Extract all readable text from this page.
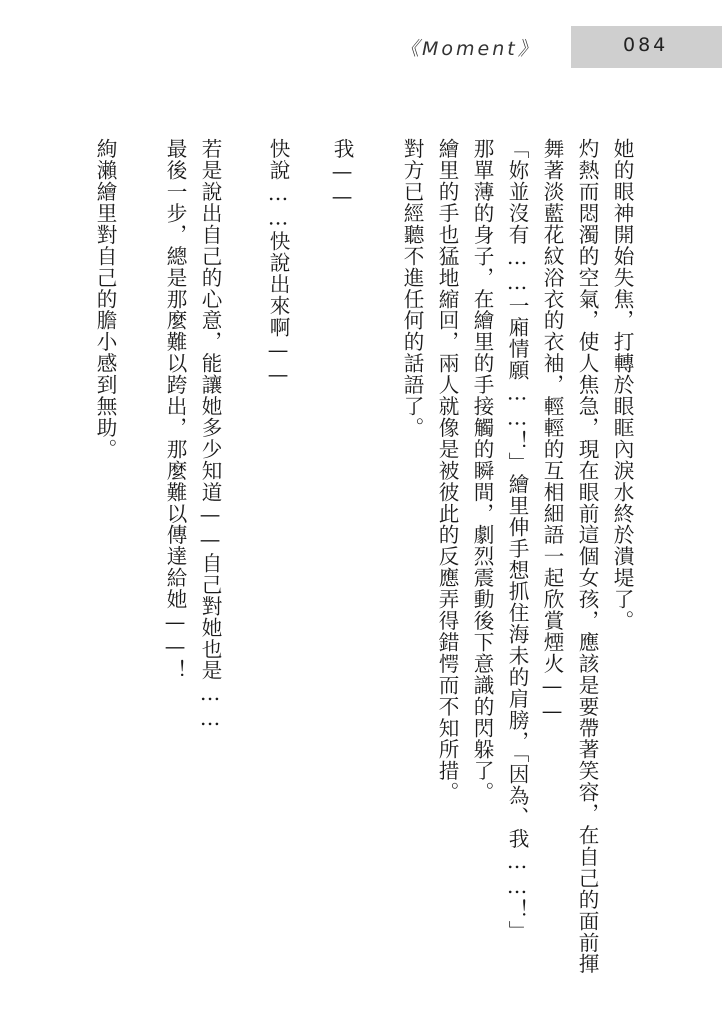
《Moment》	084
她的眼神開始失焦，打轉於眼眶內淚水終於潰堤了。
灼熱而悶濁的空氣，使人焦急，現在眼前這個女孩，應該是要帶著笑容，在自己的面前揮
舞著淡藍花紋浴衣的衣袖，輕輕的互相細語一起欣賞煙火——
「妳並沒有……一廂情願……！」繪里伸手想抓住海未的肩膀，「因為、我……！」
那單薄的身子，在繪里的手接觸的瞬間，劇烈震動後下意識的閃躲了。
繪里的手也猛地縮回，兩人就像是被彼此的反應弄得錯愕而不知所措。
對方已經聽不進任何的話語了。
我——
快說……快說出來啊——
若是說出自己的心意，能讓她多少知道——自己對她也是……
最後一步，總是那麼難以跨出，那麼難以傳達給她——！
絢瀨繪里對自己的膽小感到無助。
